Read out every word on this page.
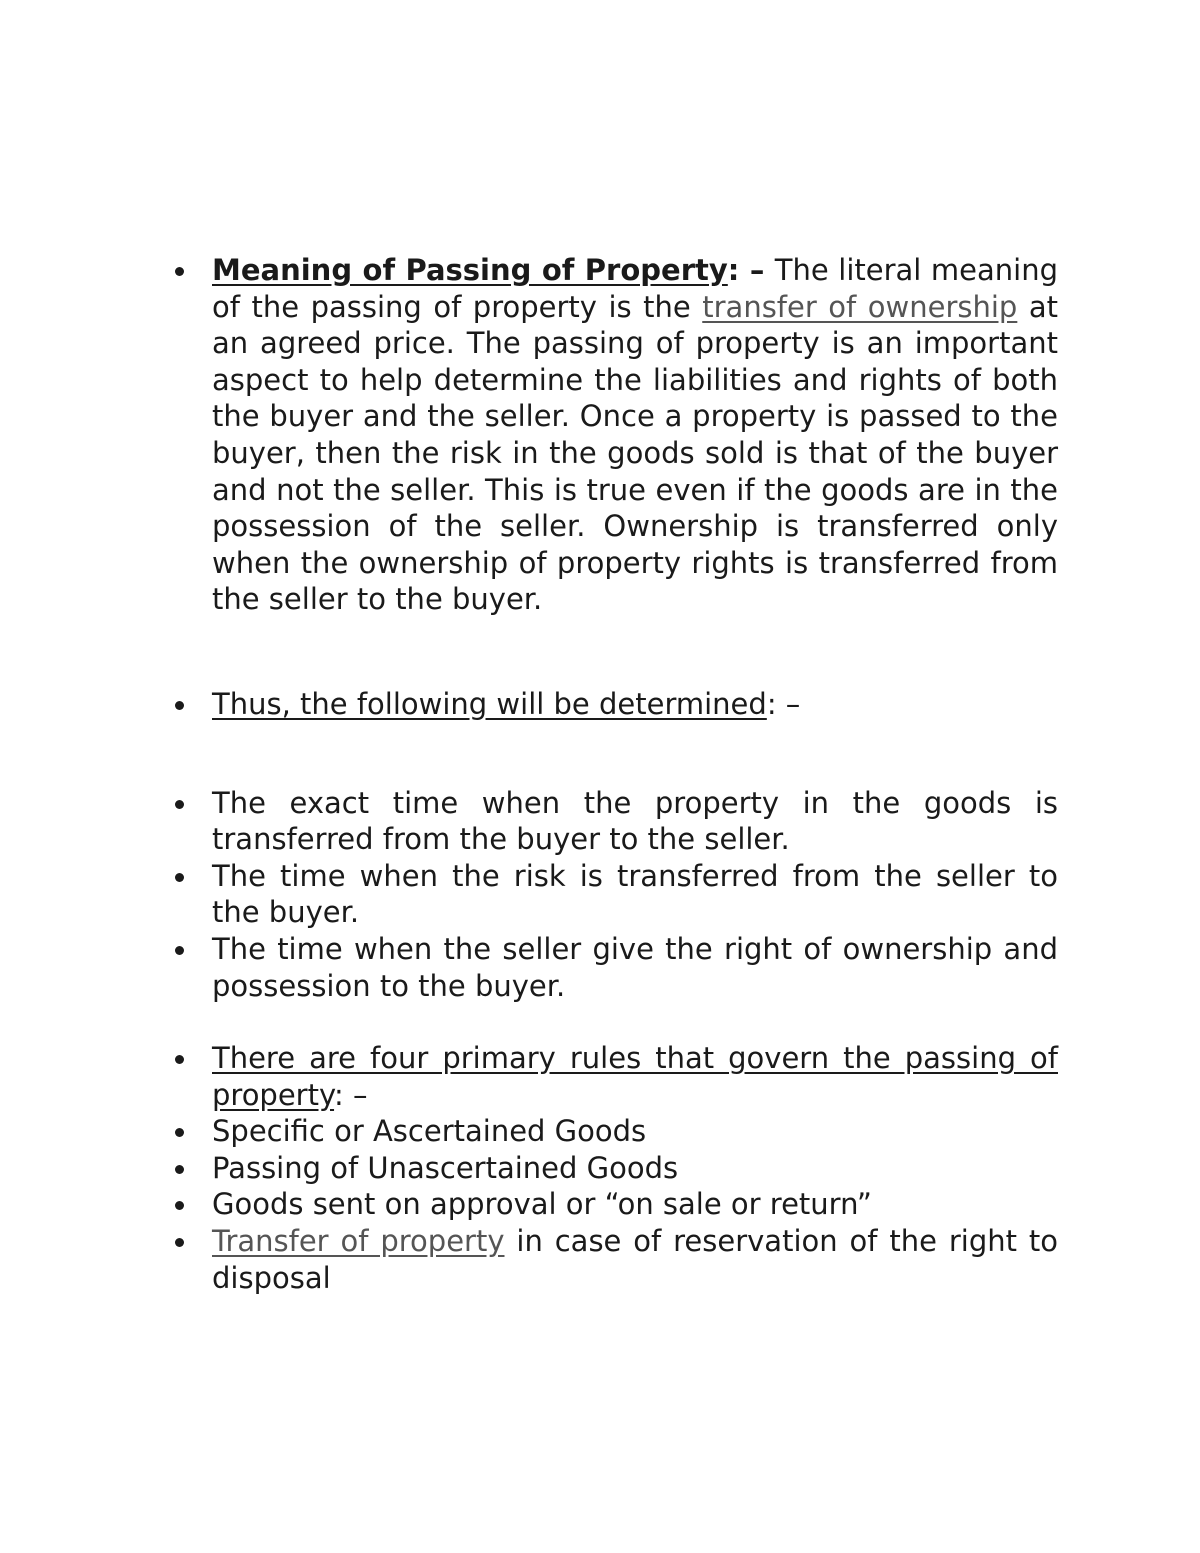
Meaning of Passing of Property: – The literal meaning of the passing of property is the transfer of ownership at an agreed price. The passing of property is an important aspect to help determine the liabilities and rights of both the buyer and the seller. Once a property is passed to the buyer, then the risk in the goods sold is that of the buyer and not the seller. This is true even if the goods are in the possession of the seller. Ownership is transferred only when the ownership of property rights is transferred from the seller to the buyer.
Thus, the following will be determined: –
The exact time when the property in the goods is transferred from the buyer to the seller.
The time when the risk is transferred from the seller to the buyer.
The time when the seller give the right of ownership and possession to the buyer.
There are four primary rules that govern the passing of property: –
Specific or Ascertained Goods
Passing of Unascertained Goods
Goods sent on approval or “on sale or return”
Transfer of property in case of reservation of the right to disposal
